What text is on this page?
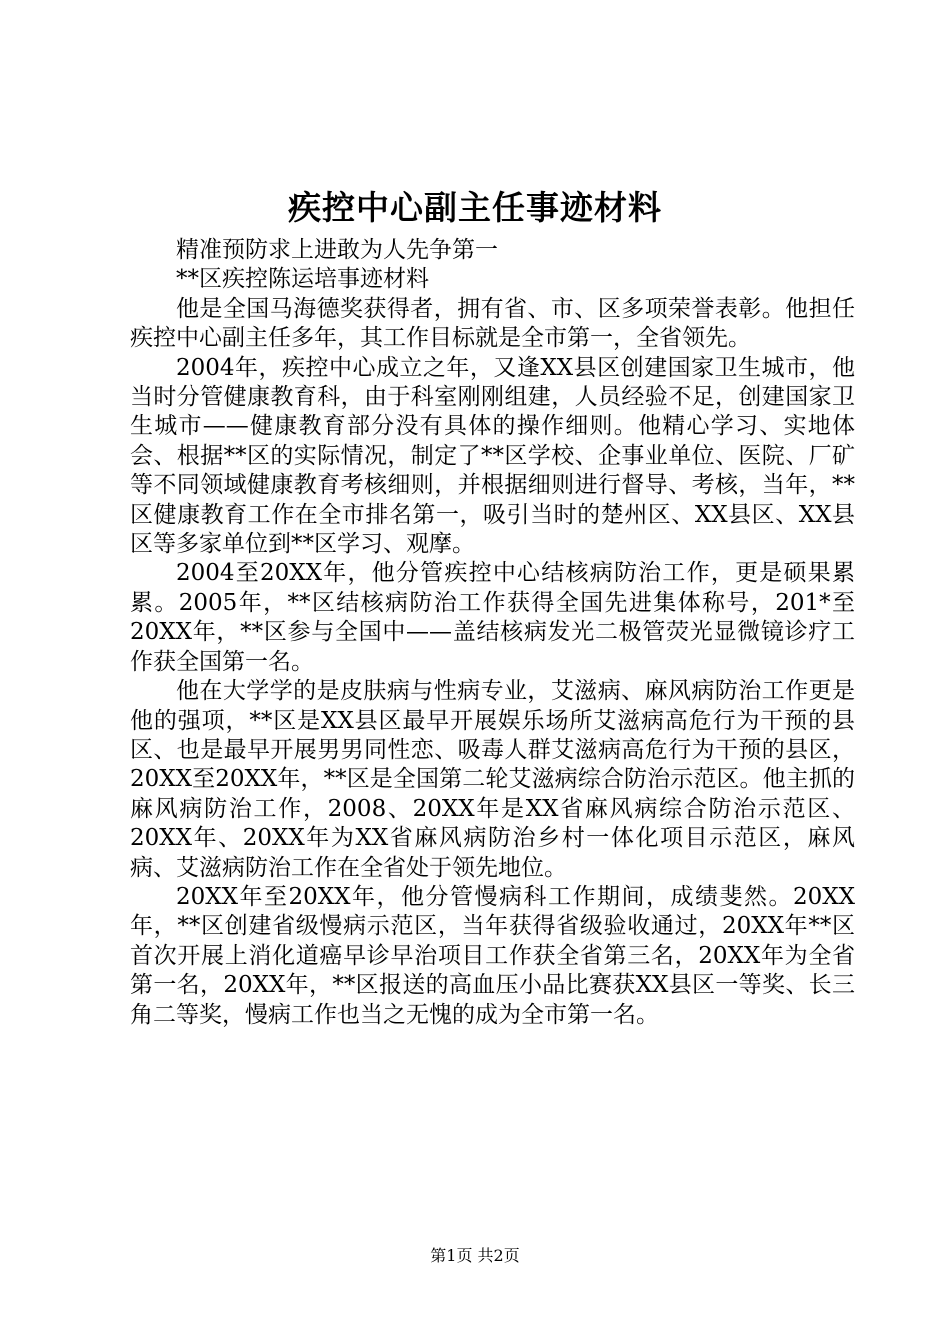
疾控中心副主任事迹材料

精准预防求上进敢为人先争第一

**区疾控陈运培事迹材料

他是全国马海德奖获得者，拥有省、市、区多项荣誉表彰。他担任疾控中心副主任多年，其工作目标就是全市第一，全省领先。

2004年，疾控中心成立之年，又逢XX县区创建国家卫生城市，他当时分管健康教育科，由于科室刚刚组建，人员经验不足，创建国家卫生城市——健康教育部分没有具体的操作细则。他精心学习、实地体会、根据**区的实际情况，制定了**区学校、企事业单位、医院、厂矿等不同领域健康教育考核细则，并根据细则进行督导、考核，当年，**区健康教育工作在全市排名第一，吸引当时的楚州区、XX县区、XX县区等多家单位到**区学习、观摩。

2004至20XX年，他分管疾控中心结核病防治工作，更是硕果累累。2005年，**区结核病防治工作获得全国先进集体称号，201*至20XX年，**区参与全国中——盖结核病发光二极管荧光显微镜诊疗工作获全国第一名。

他在大学学的是皮肤病与性病专业，艾滋病、麻风病防治工作更是他的强项，**区是XX县区最早开展娱乐场所艾滋病高危行为干预的县区、也是最早开展男男同性恋、吸毒人群艾滋病高危行为干预的县区，20XX至20XX年，**区是全国第二轮艾滋病综合防治示范区。他主抓的麻风病防治工作，2008、20XX年是XX省麻风病综合防治示范区、20XX年、20XX年为XX省麻风病防治乡村一体化项目示范区，麻风病、艾滋病防治工作在全省处于领先地位。

20XX年至20XX年，他分管慢病科工作期间，成绩斐然。20XX年，**区创建省级慢病示范区，当年获得省级验收通过，20XX年**区首次开展上消化道癌早诊早治项目工作获全省第三名，20XX年为全省第一名，20XX年，**区报送的高血压小品比赛获XX县区一等奖、长三角二等奖，慢病工作也当之无愧的成为全市第一名。

第1页 共2页
